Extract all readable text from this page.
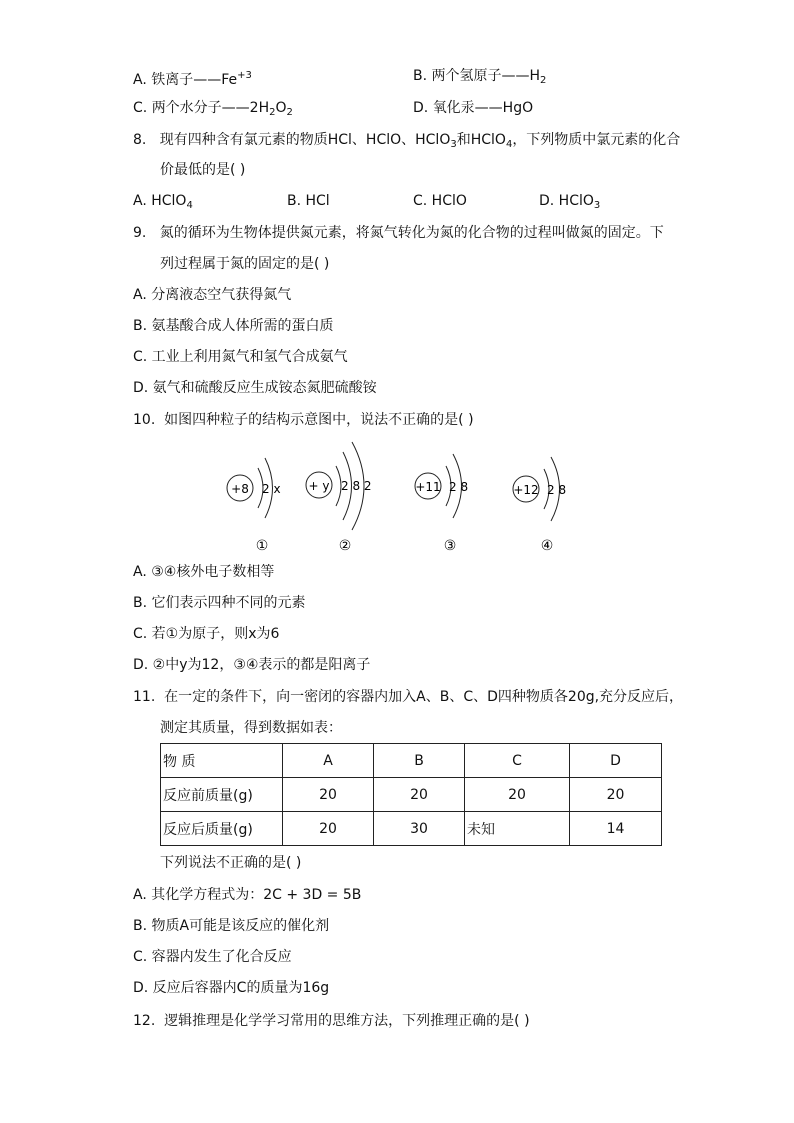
A. 铁离子$——Fe^{+3}$	B. 两个氢原子$——H_2$
C. 两个水分子$——2H_2O_2$	D. 氧化汞——HgO
8. 现有四种含有氯元素的物质HCl、HClO、HClO$_3$和HClO$_4$，下列物质中氯元素的化合
价最低的是( )
A. HClO$_4$	B. HCl	C. HClO	D. HClO$_3$
9. 氮的循环为生物体提供氮元素，将氮气转化为氮的化合物的过程叫做氮的固定。下
列过程属于氮的固定的是( )
A. 分离液态空气获得氮气
B. 氨基酸合成人体所需的蛋白质
C. 工业上利用氮气和氢气合成氨气
D. 氨气和硫酸反应生成铵态氮肥硫酸铵
10. 如图四种粒子的结构示意图中，说法不正确的是( )
+8 2 x + y 2 8 2	+11 2 8	+12 2 8
①	②	③	④
A. ③④核外电子数相等
B. 它们表示四种不同的元素
C. 若①为原子，则x为6
D. ②中y为12，③④表示的都是阳离子
11. 在一定的条件下，向一密闭的容器内加入A、B、C、D四种物质各20g,充分反应后，
测定其质量，得到数据如表：
物 质	A	B	C	D
反应前质量(g)	20	20	20	20
反应后质量(g)	20	30	未知	14
下列说法不正确的是( )
A. 其化学方程式为：2C + 3D = 5B
B. 物质A可能是该反应的催化剂
C. 容器内发生了化合反应
D. 反应后容器内C的质量为16g
12. 逻辑推理是化学学习常用的思维方法，下列推理正确的是( )
